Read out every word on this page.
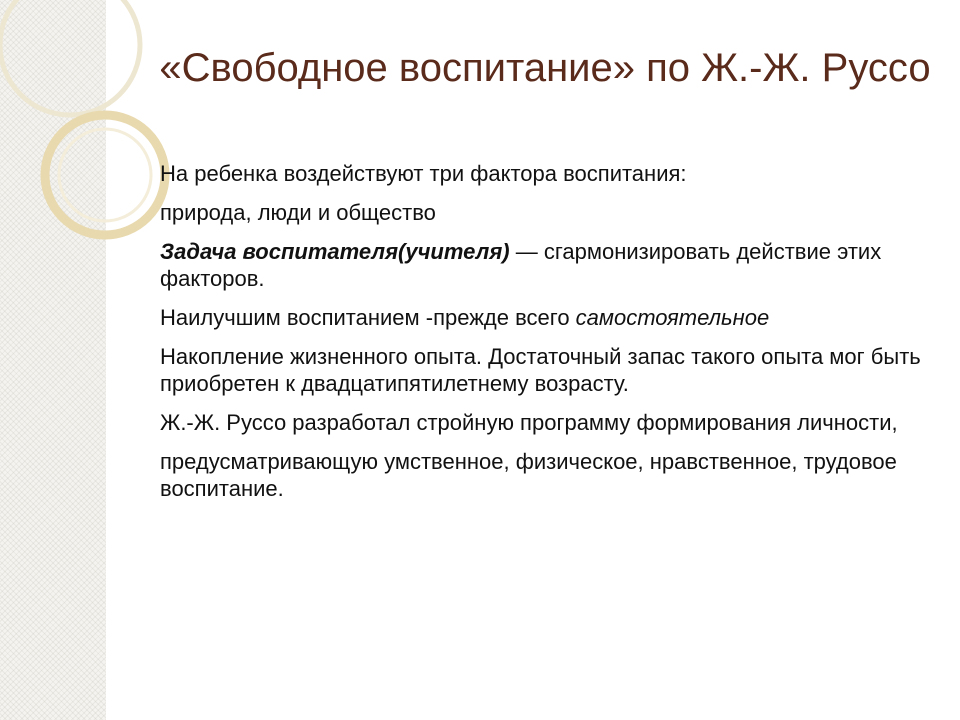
«Свободное воспитание» по Ж.-Ж. Руссо

На ребенка воздействуют три фактора воспитания:

природа, люди и общество

Задача воспитателя(учителя) — сгармонизировать действие этих факторов.

Наилучшим воспитанием -прежде всего самостоятельное

Накопление жизненного опыта. Достаточный запас такого опыта мог быть приобретен к двадцатипятилетнему возрасту.

Ж.-Ж. Руссо разработал стройную программу формирования личности,

предусматривающую умственное, физическое, нравственное, трудовое воспитание.
